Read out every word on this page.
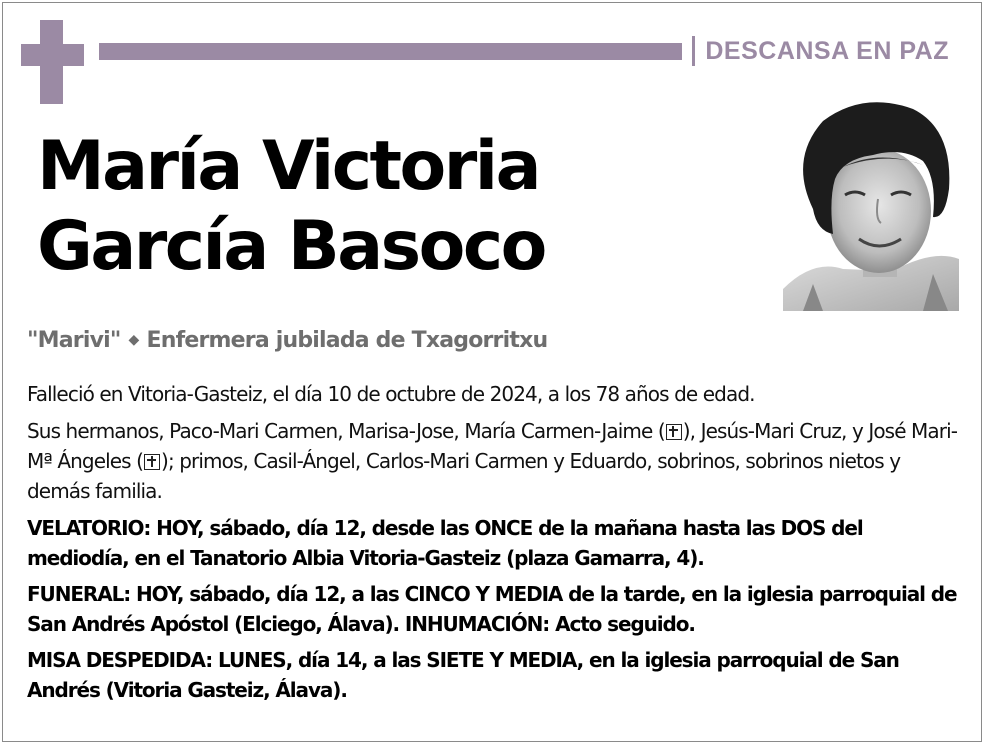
DESCANSA EN PAZ
María Victoria
García Basoco
"Marivi" ◆ Enfermera jubilada de Txagorritxu

Falleció en Vitoria-Gasteiz, el día 10 de octubre de 2024, a los 78 años de edad.

Sus hermanos, Paco-Mari Carmen, Marisa-Jose, María Carmen-Jaime ( ), Jesús-Mari Cruz, y José Mari-Mª Ángeles ( ); primos, Casil-Ángel, Carlos-Mari Carmen y Eduardo, sobrinos, sobrinos nietos y demás familia.

VELATORIO: HOY, sábado, día 12, desde las ONCE de la mañana hasta las DOS del mediodía, en el Tanatorio Albia Vitoria-Gasteiz (plaza Gamarra, 4).

FUNERAL: HOY, sábado, día 12, a las CINCO Y MEDIA de la tarde, en la iglesia parroquial de San Andrés Apóstol (Elciego, Álava). INHUMACIÓN: Acto seguido.

MISA DESPEDIDA: LUNES, día 14, a las SIETE Y MEDIA, en la iglesia parroquial de San Andrés (Vitoria Gasteiz, Álava).
